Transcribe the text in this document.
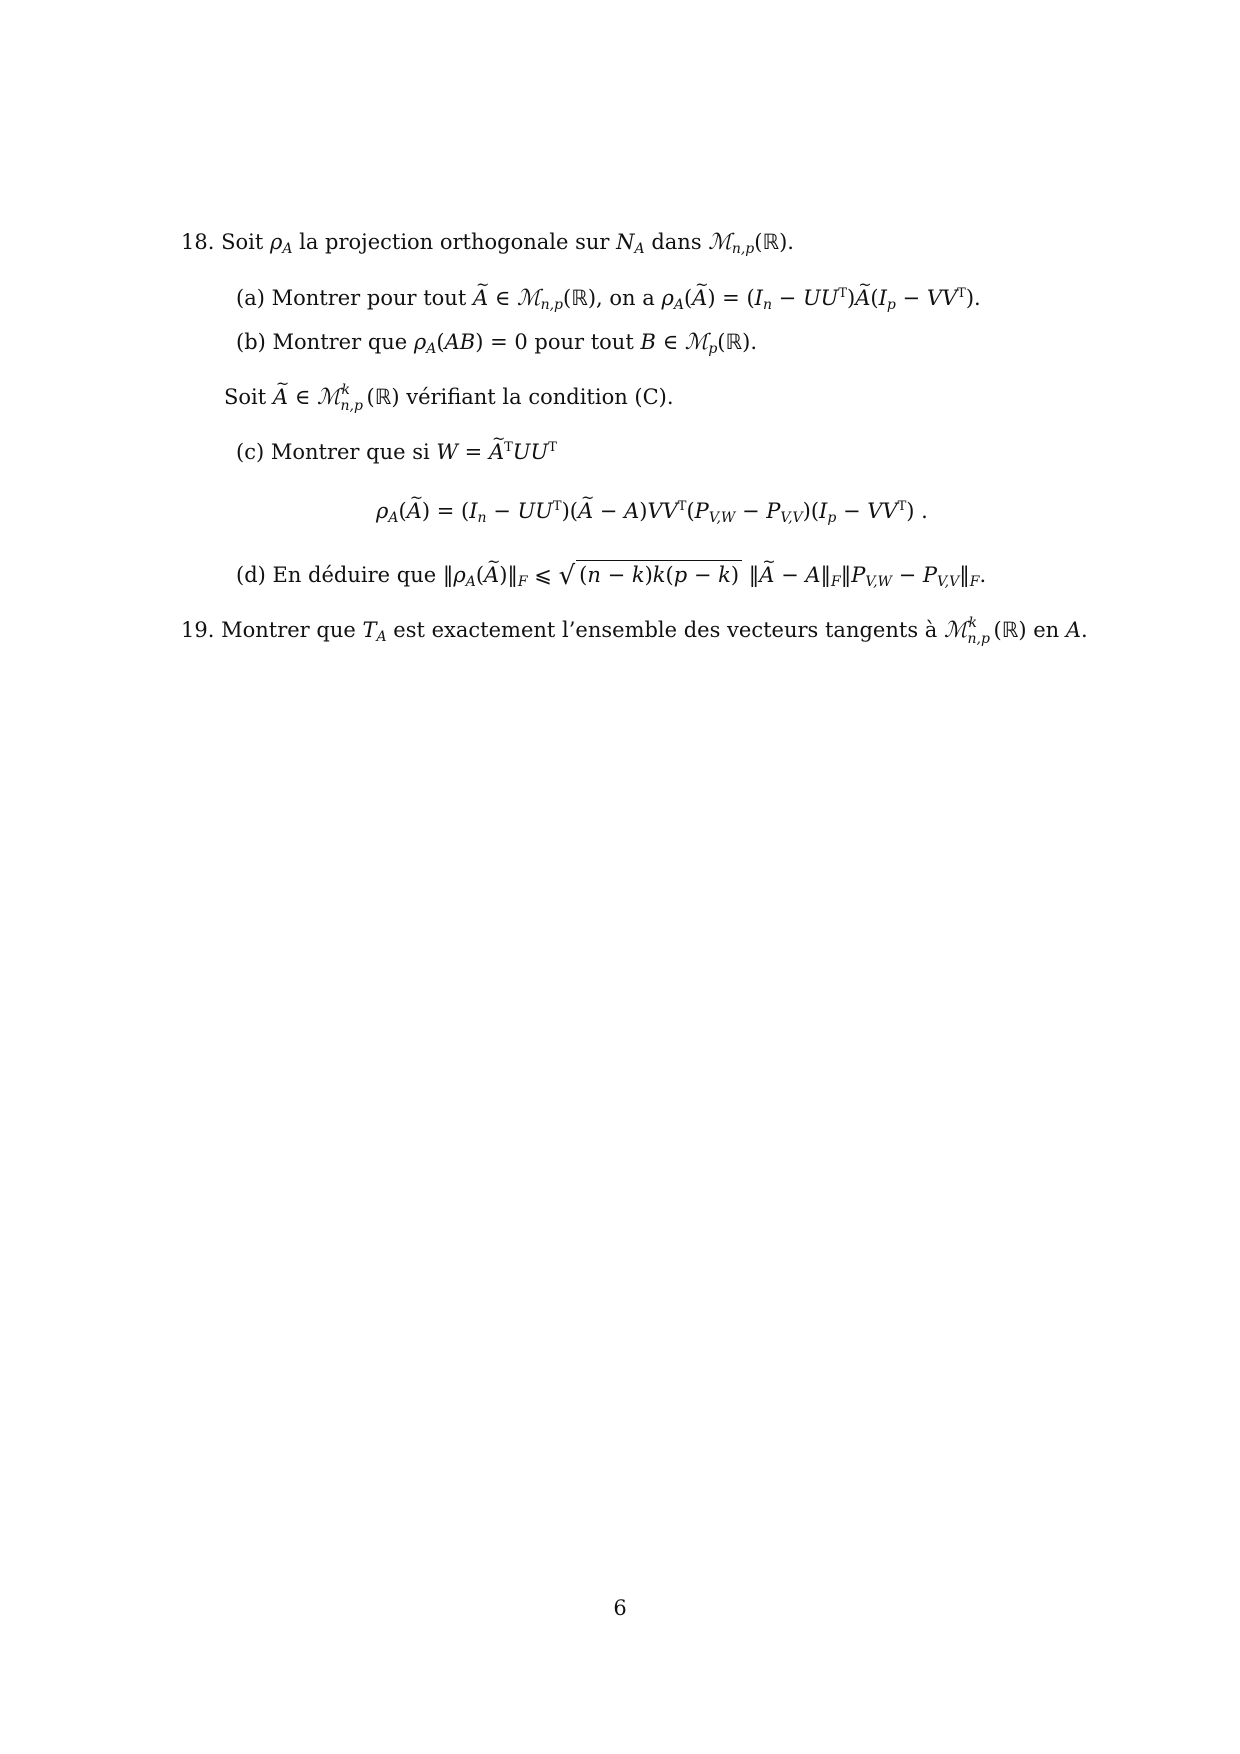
18. Soit $\rho_A$ la projection orthogonale sur $N_A$ dans ℳ$_{n,p}$(ℝ).
(a) Montrer pour tout ~ A ∈ ℳ$_{n,p}$(ℝ), on a $\rho_A(\sim$ $A) = (I_n$ − $UU^T)\sim$ $A(I_p - VV^T)$.
(b) Montrer que $\rho_A(AB) = 0$ pour tout B ∈ ℳ$_p$(ℝ).
Soit ~ A ∈ ℳ k
n,p (ℝ) vérifiant la condition (C).
(c) Montrer que si W = ~ $A^TUU^T$
$\rho_A(\sim$ $A) = (I_n$ − $UU^T)(\sim$ $A - A)VV^T(P_{V,W} - P_{V,V})(I_p - VV^T)$ .
(d) En déduire que $‖\rho_A(\sim$ $A)‖_F$ ⩽ √ (n − k)k(p − k) ‖~ $A - A‖_F‖P_{V,W}$ − $P_{V,V}‖_F$.
19. Montrer que $T_A$ est exactement l’ensemble des vecteurs tangents à ℳ k
n,p (ℝ) en A.
6
